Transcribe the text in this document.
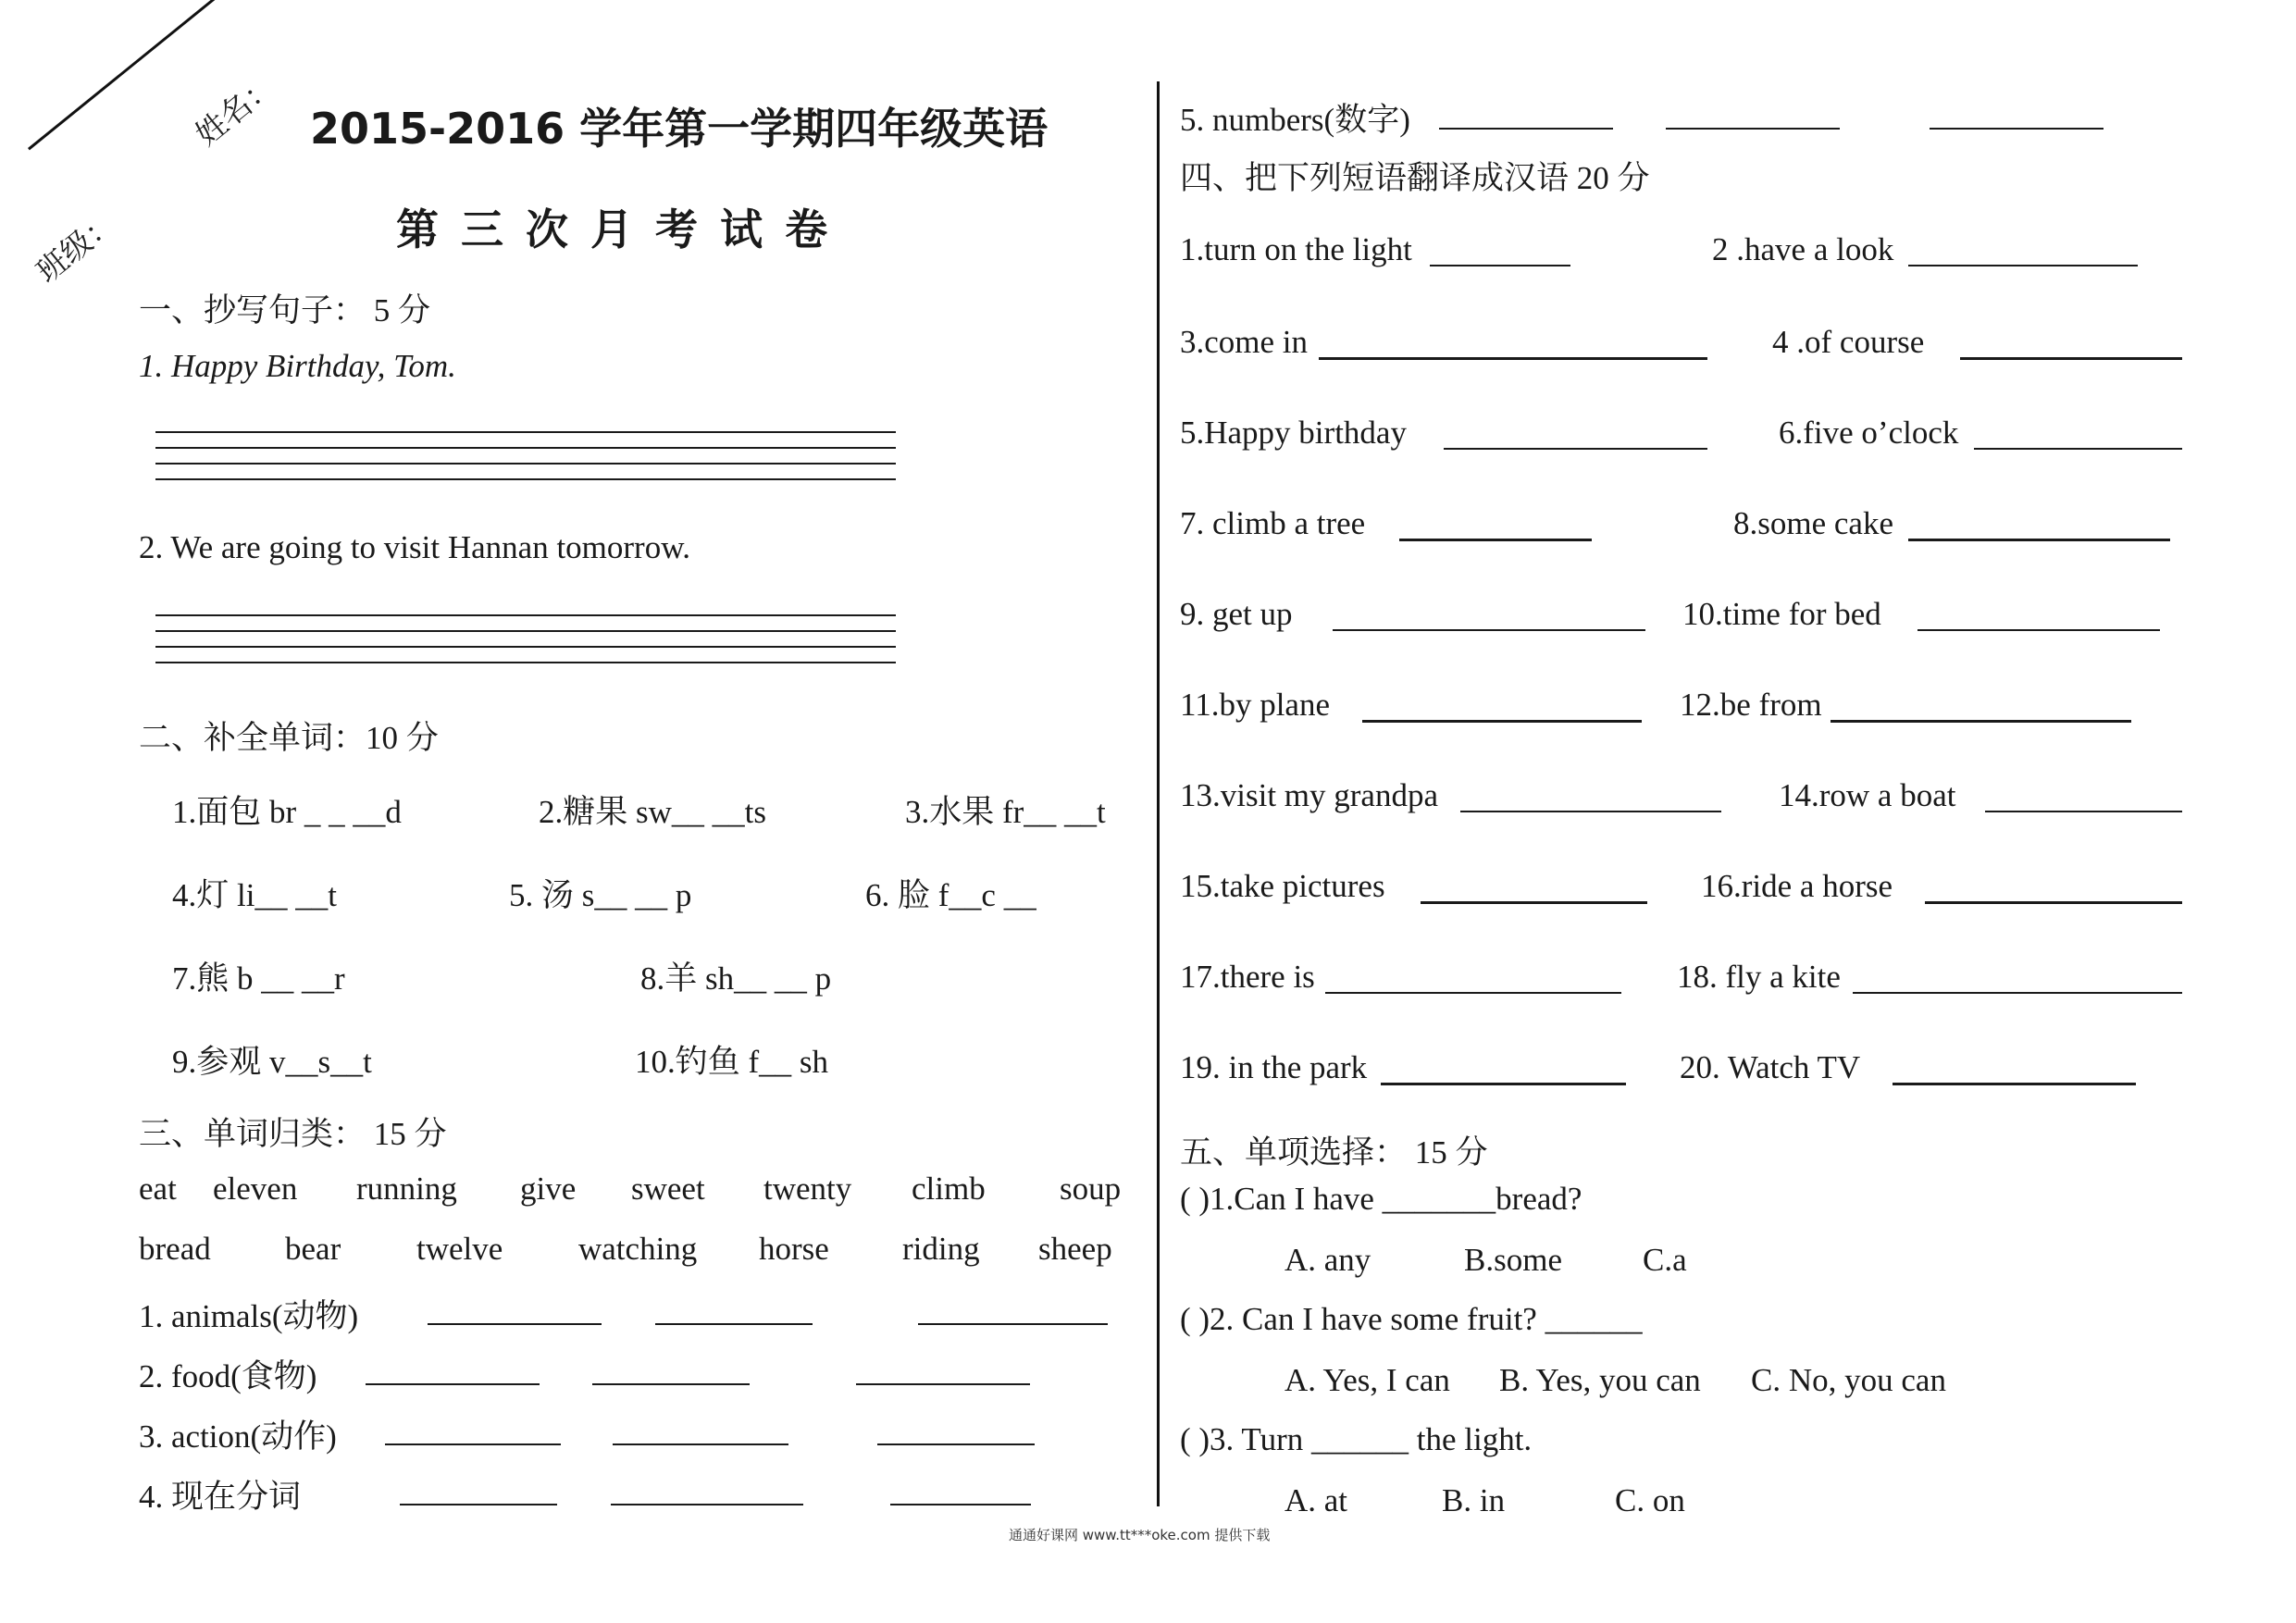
班级：
姓名： 2015-2016 学年第一学期四年级英语
第 三 次 月 考 试 卷
一、抄写句子： 5 分
1. Happy Birthday, Tom.
2. We are going to visit Hannan tomorrow.
二、补全单词：10 分
1.面包 br _ _ __d	2.糖果 sw__ __ts	3.水果 fr__ __t
4.灯 li__ __t	5. 汤 s__ __ p	6. 脸 f__c __
7.熊 b __ __r	8.羊 sh__ __ p
9.参观 v__s__t	10.钓鱼 f__ sh
三、单词归类： 15 分
eat eleven running give sweet twenty climb soup
bread bear twelve watching horse riding sheep
1. animals(动物)
2. food(食物)
3. action(动作)
4. 现在分词
5. numbers(数字)
四、把下列短语翻译成汉语 20 分
1.turn on the light	2 .have a look
3.come in	4 .of course
5.Happy birthday	6.five o’clock
7. climb a tree	8.some cake
9. get up	10.time for bed
11.by plane	12.be from
13.visit my grandpa	14.row a boat
15.take pictures	16.ride a horse
17.there is	18. fly a kite
19. in the park	20. Watch TV
五、单项选择： 15 分
( )1.Can I have _______bread?
A. any	B.some C.a
( )2. Can I have some fruit? ______
A. Yes, I can B. Yes, you can C. No, you can
( )3. Turn ______ the light.
A. at	B. in	C. on
通通好课网 www.tt***oke.com 提供下载
